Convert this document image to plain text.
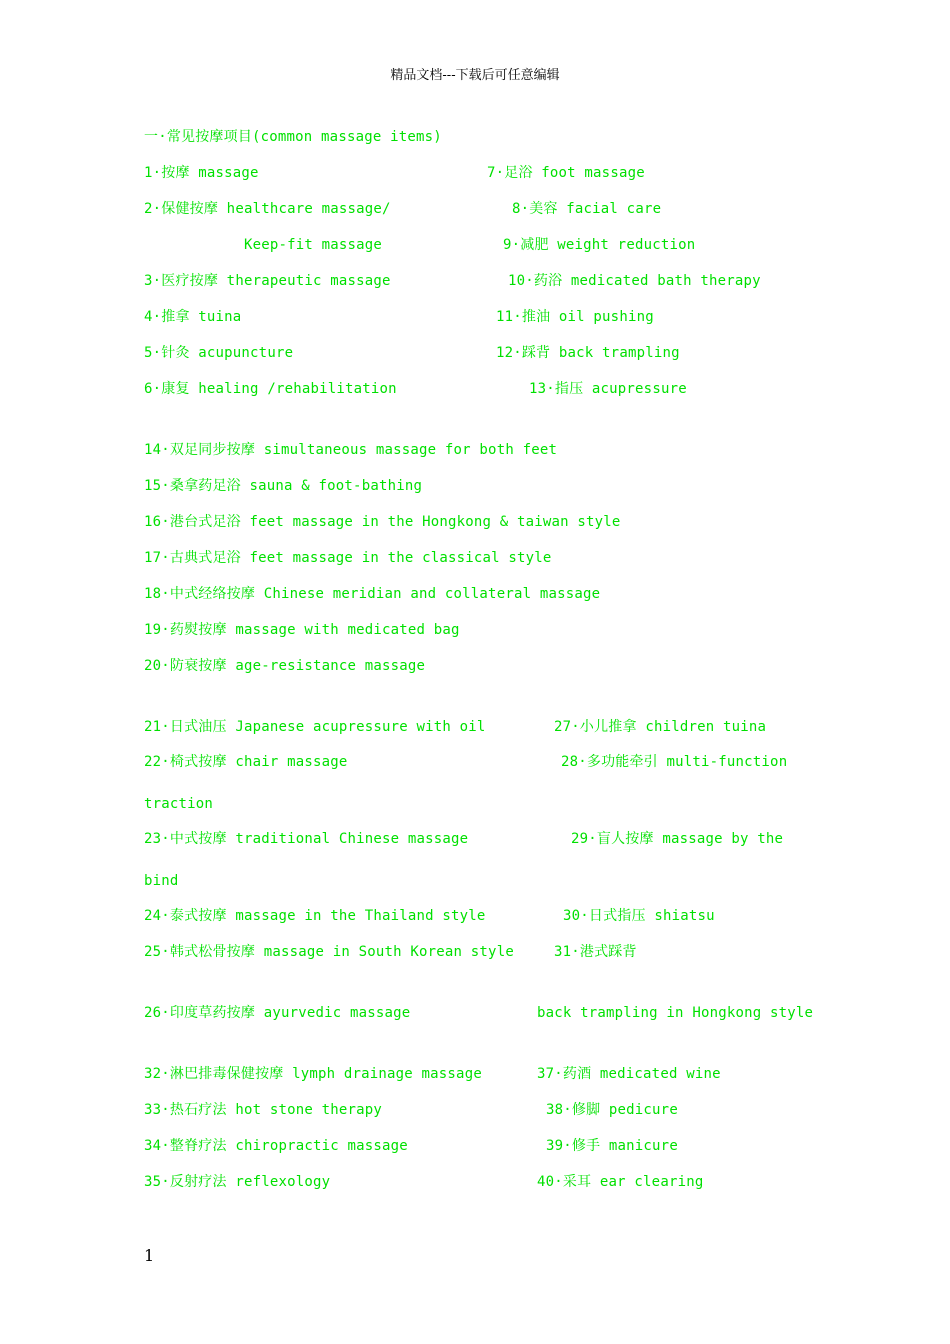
精品文档---下载后可任意编辑
一·常见按摩项目(common massage items)
1·按摩 massage	7·足浴 foot massage
2·保健按摩 healthcare massage/	8·美容 facial care
Keep-fit massage	9·减肥 weight reduction
3·医疗按摩 therapeutic massage	10·药浴 medicated bath therapy
4·推拿 tuina	11·推油 oil pushing
5·针灸 acupuncture	12·踩背 back trampling
6·康复 healing /rehabilitation	13·指压 acupressure
14·双足同步按摩 simultaneous massage for both feet
15·桑拿药足浴 sauna & foot-bathing
16·港台式足浴 feet massage in the Hongkong & taiwan style
17·古典式足浴 feet massage in the classical style
18·中式经络按摩 Chinese meridian and collateral massage
19·药熨按摩 massage with medicated bag
20·防衰按摩 age-resistance massage
21·日式油压 Japanese acupressure with oil	27·小儿推拿 children tuina
22·椅式按摩 chair massage	28·多功能牵引 multi-function
traction
23·中式按摩 traditional Chinese massage	29·盲人按摩 massage by the
bind
24·泰式按摩 massage in the Thailand style	30·日式指压 shiatsu
25·韩式松骨按摩 massage in South Korean style	31·港式踩背
26·印度草药按摩 ayurvedic massage	back trampling in Hongkong style
32·淋巴排毒保健按摩 lymph drainage massage	37·药酒 medicated wine
33·热石疗法 hot stone therapy	38·修脚 pedicure
34·整脊疗法 chiropractic massage	39·修手 manicure
35·反射疗法 reflexology	40·采耳 ear clearing
1
